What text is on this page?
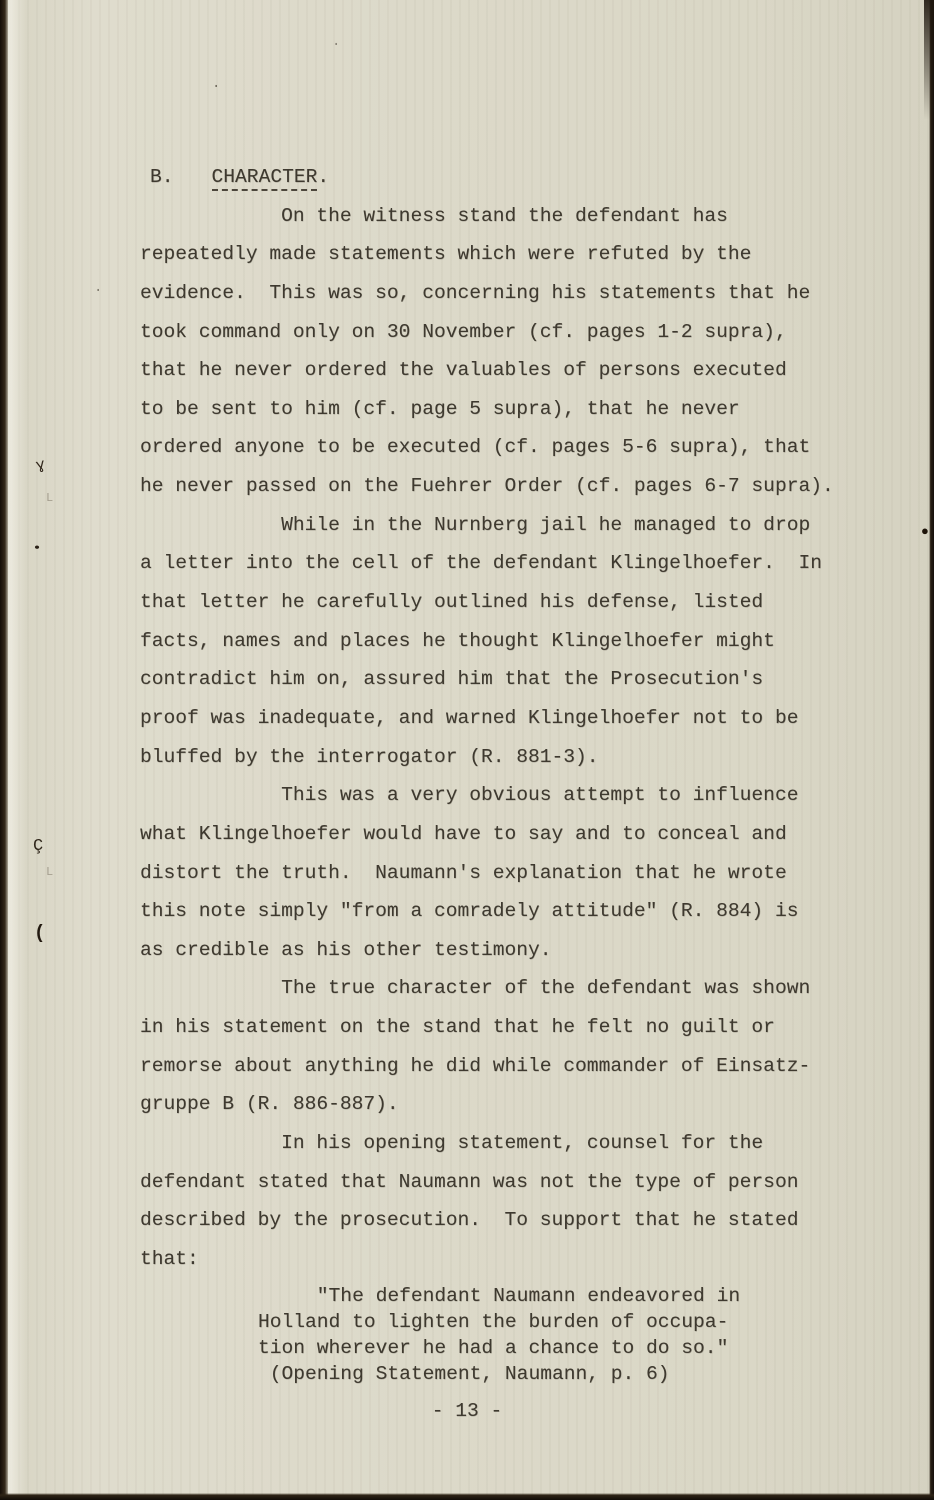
B. CHARACTER.
On the witness stand the defendant has
repeatedly made statements which were refuted by the
evidence.  This was so, concerning his statements that he
took command only on 30 November (cf. pages 1-2 supra),
that he never ordered the valuables of persons executed
to be sent to him (cf. page 5 supra), that he never
ordered anyone to be executed (cf. pages 5-6 supra), that
he never passed on the Fuehrer Order (cf. pages 6-7 supra).
While in the Nurnberg jail he managed to drop
a letter into the cell of the defendant Klingelhoefer.  In
that letter he carefully outlined his defense, listed
facts, names and places he thought Klingelhoefer might
contradict him on, assured him that the Prosecution's
proof was inadequate, and warned Klingelhoefer not to be
bluffed by the interrogator (R. 881-3).
This was a very obvious attempt to influence
what Klingelhoefer would have to say and to conceal and
distort the truth.  Naumann's explanation that he wrote
this note simply "from a comradely attitude" (R. 884) is
as credible as his other testimony.
The true character of the defendant was shown
in his statement on the stand that he felt no guilt or
remorse about anything he did while commander of Einsatz-
gruppe B (R. 886-887).
In his opening statement, counsel for the
defendant stated that Naumann was not the type of person
described by the prosecution.  To support that he stated
that:
"The defendant Naumann endeavored in
Holland to lighten the burden of occupa-
tion wherever he had a chance to do so."
(Opening Statement, Naumann, p. 6)
- 13 -
ɣ
•
Ç
(
●
L
L
·
·
·
